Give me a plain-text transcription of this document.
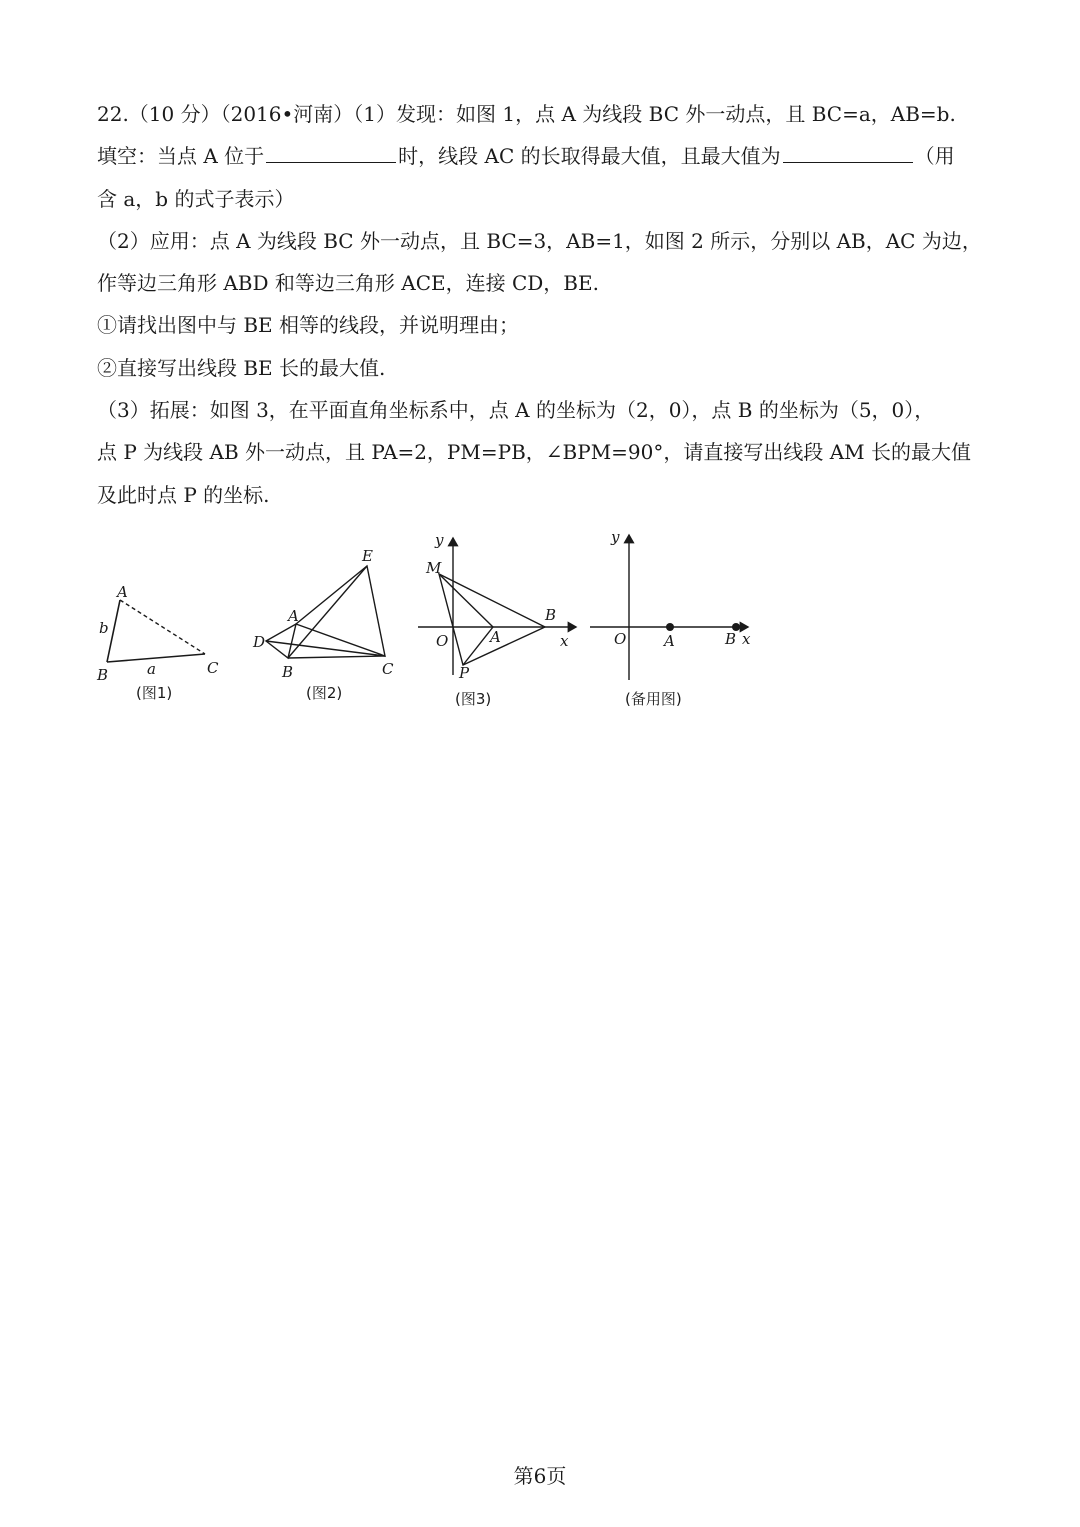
22.（10 分）（2016•河南）（1）发现：如图 1，点 A 为线段 BC 外一动点，且 BC=a，AB=b.
填空：当点 A 位于	时，线段 AC 的长取得最大值，且最大值为	（用
含 a，b 的式子表示）
（2）应用：点 A 为线段 BC 外一动点，且 BC=3，AB=1，如图 2 所示，分别以 AB，AC 为边，
作等边三角形 ABD 和等边三角形 ACE，连接 CD，BE.
①请找出图中与 BE 相等的线段，并说明理由；
②直接写出线段 BE 长的最大值.
（3）拓展：如图 3，在平面直角坐标系中，点 A 的坐标为（2，0），点 B 的坐标为（5，0），
点 P 为线段 AB 外一动点，且 PA=2，PM=PB，∠BPM=90°，请直接写出线段 AM 长的最大值
及此时点 P 的坐标.
A
b
B	a	C
(图1)
A
D
B	C
E
(图2)
y
M
O	A
B
x
P
(图3)
y
O	A	B x
(备用图)
第6页
